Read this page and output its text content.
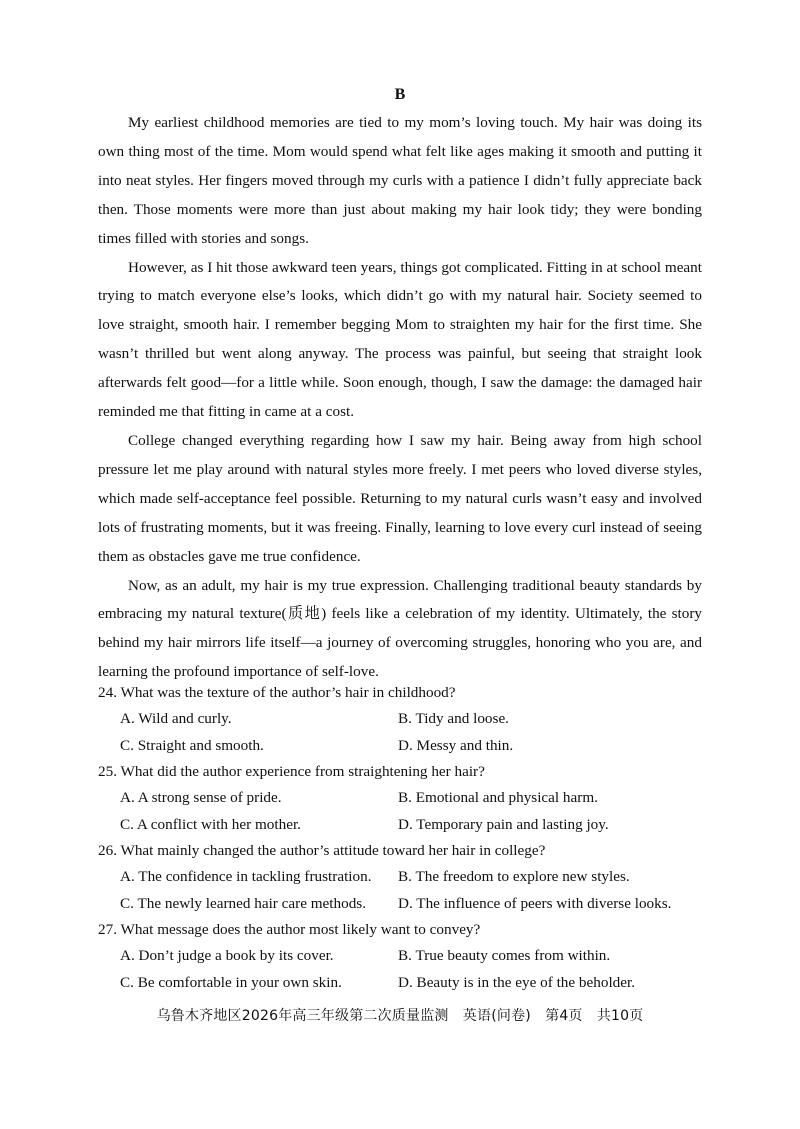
B

My earliest childhood memories are tied to my mom’s loving touch. My hair was doing its own thing most of the time. Mom would spend what felt like ages making it smooth and putting it into neat styles. Her fingers moved through my curls with a patience I didn’t fully appreciate back then. Those moments were more than just about making my hair look tidy; they were bonding times filled with stories and songs.

However, as I hit those awkward teen years, things got complicated. Fitting in at school meant trying to match everyone else’s looks, which didn’t go with my natural hair. Society seemed to love straight, smooth hair. I remember begging Mom to straighten my hair for the first time. She wasn’t thrilled but went along anyway. The process was painful, but seeing that straight look afterwards felt good—for a little while. Soon enough, though, I saw the damage: the damaged hair reminded me that fitting in came at a cost.

College changed everything regarding how I saw my hair. Being away from high school pressure let me play around with natural styles more freely. I met peers who loved diverse styles, which made self-acceptance feel possible. Returning to my natural curls wasn’t easy and involved lots of frustrating moments, but it was freeing. Finally, learning to love every curl instead of seeing them as obstacles gave me true confidence.

Now, as an adult, my hair is my true expression. Challenging traditional beauty standards by embracing my natural texture(质地) feels like a celebration of my identity. Ultimately, the story behind my hair mirrors life itself—a journey of overcoming struggles, honoring who you are, and learning the profound importance of self-love.

24. What was the texture of the author’s hair in childhood?
A. Wild and curly.	B. Tidy and loose.
C. Straight and smooth.	D. Messy and thin.
25. What did the author experience from straightening her hair?
A. A strong sense of pride.	B. Emotional and physical harm.
C. A conflict with her mother.	D. Temporary pain and lasting joy.
26. What mainly changed the author’s attitude toward her hair in college?
A. The confidence in tackling frustration.	B. The freedom to explore new styles.
C. The newly learned hair care methods.	D. The influence of peers with diverse looks.
27. What message does the author most likely want to convey?
A. Don’t judge a book by its cover.	B. True beauty comes from within.
C. Be comfortable in your own skin.	D. Beauty is in the eye of the beholder.
乌鲁木齐地区2026年高三年级第二次质量监测　英语(问卷)　第4页　共10页
